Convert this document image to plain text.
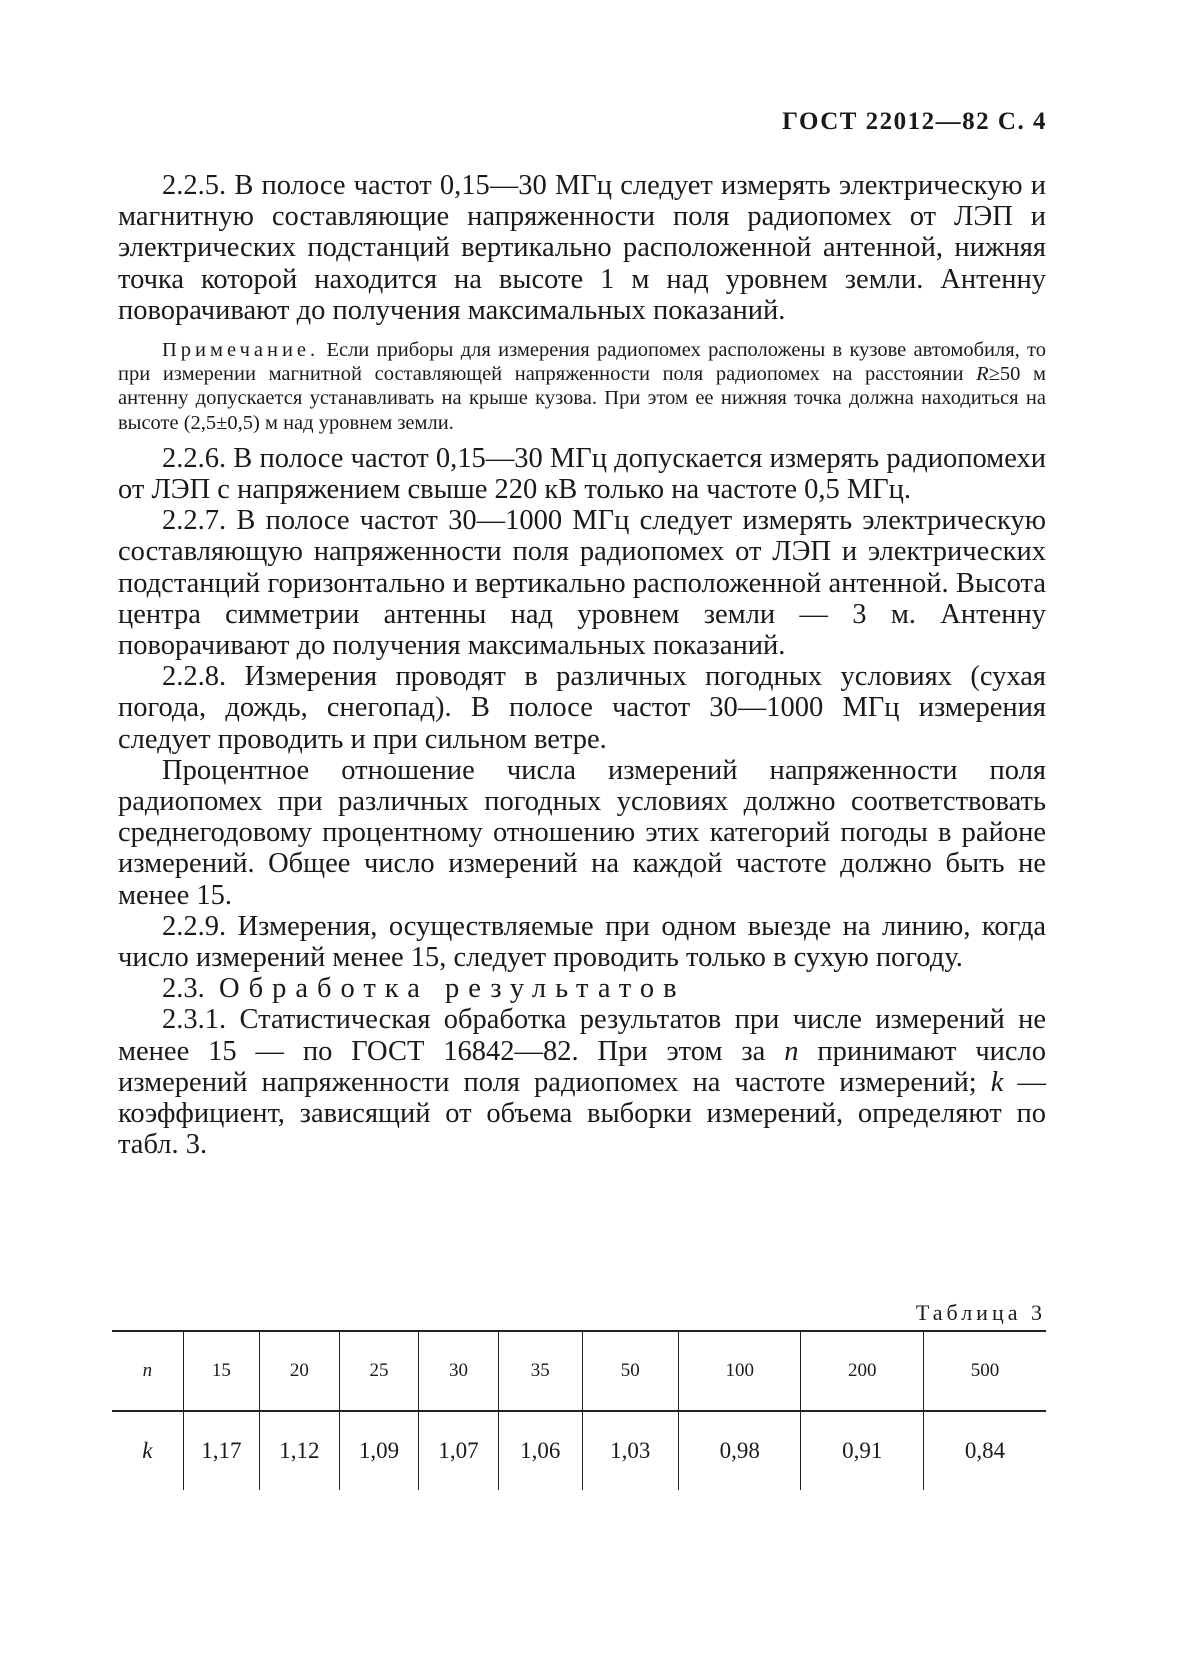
ГОСТ 22012—82 С. 4

2.2.5. В полосе частот 0,15—30 МГц следует измерять электрическую и магнитную составляющие напряженности поля радиопомех от ЛЭП и электрических подстанций вертикально расположенной антенной, нижняя точка которой находится на высоте 1 м над уровнем земли. Антенну поворачивают до получения максимальных показаний.

Примечание. Если приборы для измерения радиопомех расположены в кузове автомобиля, то при измерении магнитной составляющей напряженности поля радиопомех на расстоянии R≥50 м антенну допускается устанавливать на крыше кузова. При этом ее нижняя точка должна находиться на высоте (2,5±0,5) м над уровнем земли.

2.2.6. В полосе частот 0,15—30 МГц допускается измерять радиопомехи от ЛЭП с напряжением свыше 220 кВ только на частоте 0,5 МГц.

2.2.7. В полосе частот 30—1000 МГц следует измерять электрическую составляющую напряженности поля радиопомех от ЛЭП и электрических подстанций горизонтально и вертикально расположенной антенной. Высота центра симметрии антенны над уровнем земли — 3 м. Антенну поворачивают до получения максимальных показаний.

2.2.8. Измерения проводят в различных погодных условиях (сухая погода, дождь, снегопад). В полосе частот 30—1000 МГц измерения следует проводить и при сильном ветре.

Процентное отношение числа измерений напряженности поля радиопомех при различных погодных условиях должно соответствовать среднегодовому процентному отношению этих категорий погоды в районе измерений. Общее число измерений на каждой частоте должно быть не менее 15.

2.2.9. Измерения, осуществляемые при одном выезде на линию, когда число измерений менее 15, следует проводить только в сухую погоду.

2.3. Обработка результатов

2.3.1. Статистическая обработка результатов при числе измерений не менее 15 — по ГОСТ 16842—82. При этом за n принимают число измерений напряженности поля радиопомех на частоте измерений; k — коэффициент, зависящий от объема выборки измерений, определяют по табл. 3.

Таблица 3
n	15	20	25	30	35	50	100	200	500
k	1,17	1,12	1,09	1,07	1,06	1,03	0,98	0,91	0,84
